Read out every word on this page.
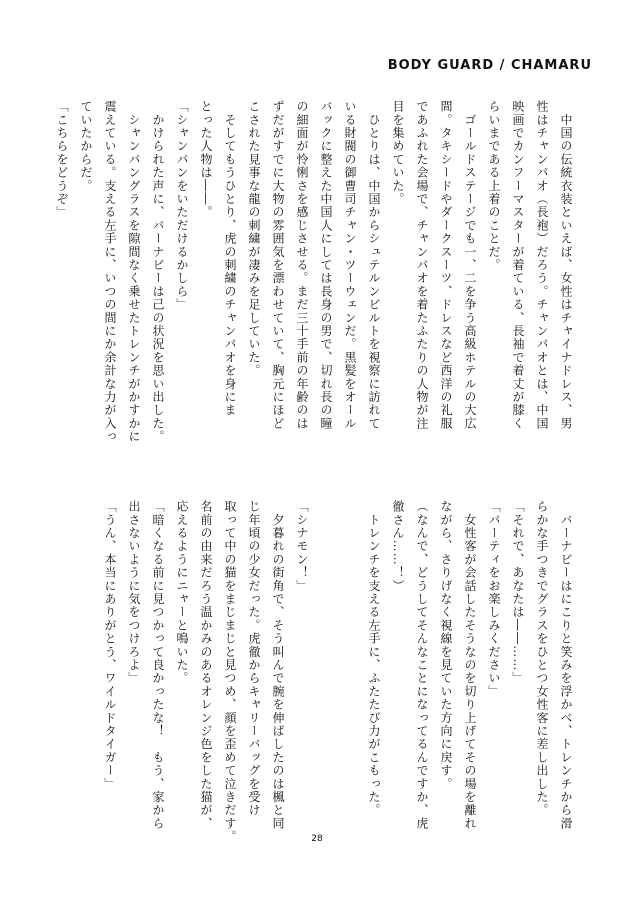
BODY GUARD / CHAMARU
　中国の伝統衣装といえば、女性はチャイナドレス、男
性はチャンパオ（長袍）だろう。チャンパオとは、中国
映画でカンフーマスターが着ている、長袖で着丈が膝く
らいまである上着のことだ。
　ゴールドステージでも一、二を争う高級ホテルの大広
間。タキシードやダークスーツ、ドレスなど西洋の礼服
であふれた会場で、チャンパオを着たふたりの人物が注
目を集めていた。
　ひとりは、中国からシュテルンビルトを視察に訪れて
いる財閥の御曹司チャン・ツーウェンだ。黒髪をオール
バックに整えた中国人にしては長身の男で、切れ長の瞳
の細面が怜悧さを感じさせる。まだ三十手前の年齢のは
ずだがすでに大物の雰囲気を漂わせていて、胸元にほど
こされた見事な龍の刺繍が凄みを足していた。
　そしてもうひとり、虎の刺繍のチャンパオを身にま
とった人物は――。
「シャンパンをいただけるかしら」
　かけられた声に、バーナビーは己の状況を思い出した。
　シャンパングラスを隙間なく乗せたトレンチがかすかに
震えている。支える左手に、いつの間にか余計な力が入っ
ていたからだ。
「こちらをどうぞ」
　バーナビーはにこりと笑みを浮かべ、トレンチから滑
らかな手つきでグラスをひとつ女性客に差し出した。
「それで、あなたは――……」
「パーティをお楽しみください」
　女性客が会話したそうなのを切り上げてその場を離れ
ながら、さりげなく視線を見ていた方向に戻す。
（なんで、どうしてそんなことになってるんですか、虎
徹さん……！）
　トレンチを支える左手に、ふたたび力がこもった。

「シナモン！」
　夕暮れの街角で、そう叫んで腕を伸ばしたのは楓と同
じ年頃の少女だった。虎徹からキャリーバッグを受け
取って中の猫をまじまじと見つめ、顔を歪めて泣きだす。
名前の由来だろう温かみのあるオレンジ色をした猫が、
応えるようにニャーと鳴いた。
「暗くなる前に見つかって良かったな！　もう、家から
出さないように気をつけろよ」
「うん、本当にありがとう、ワイルドタイガー」
28
